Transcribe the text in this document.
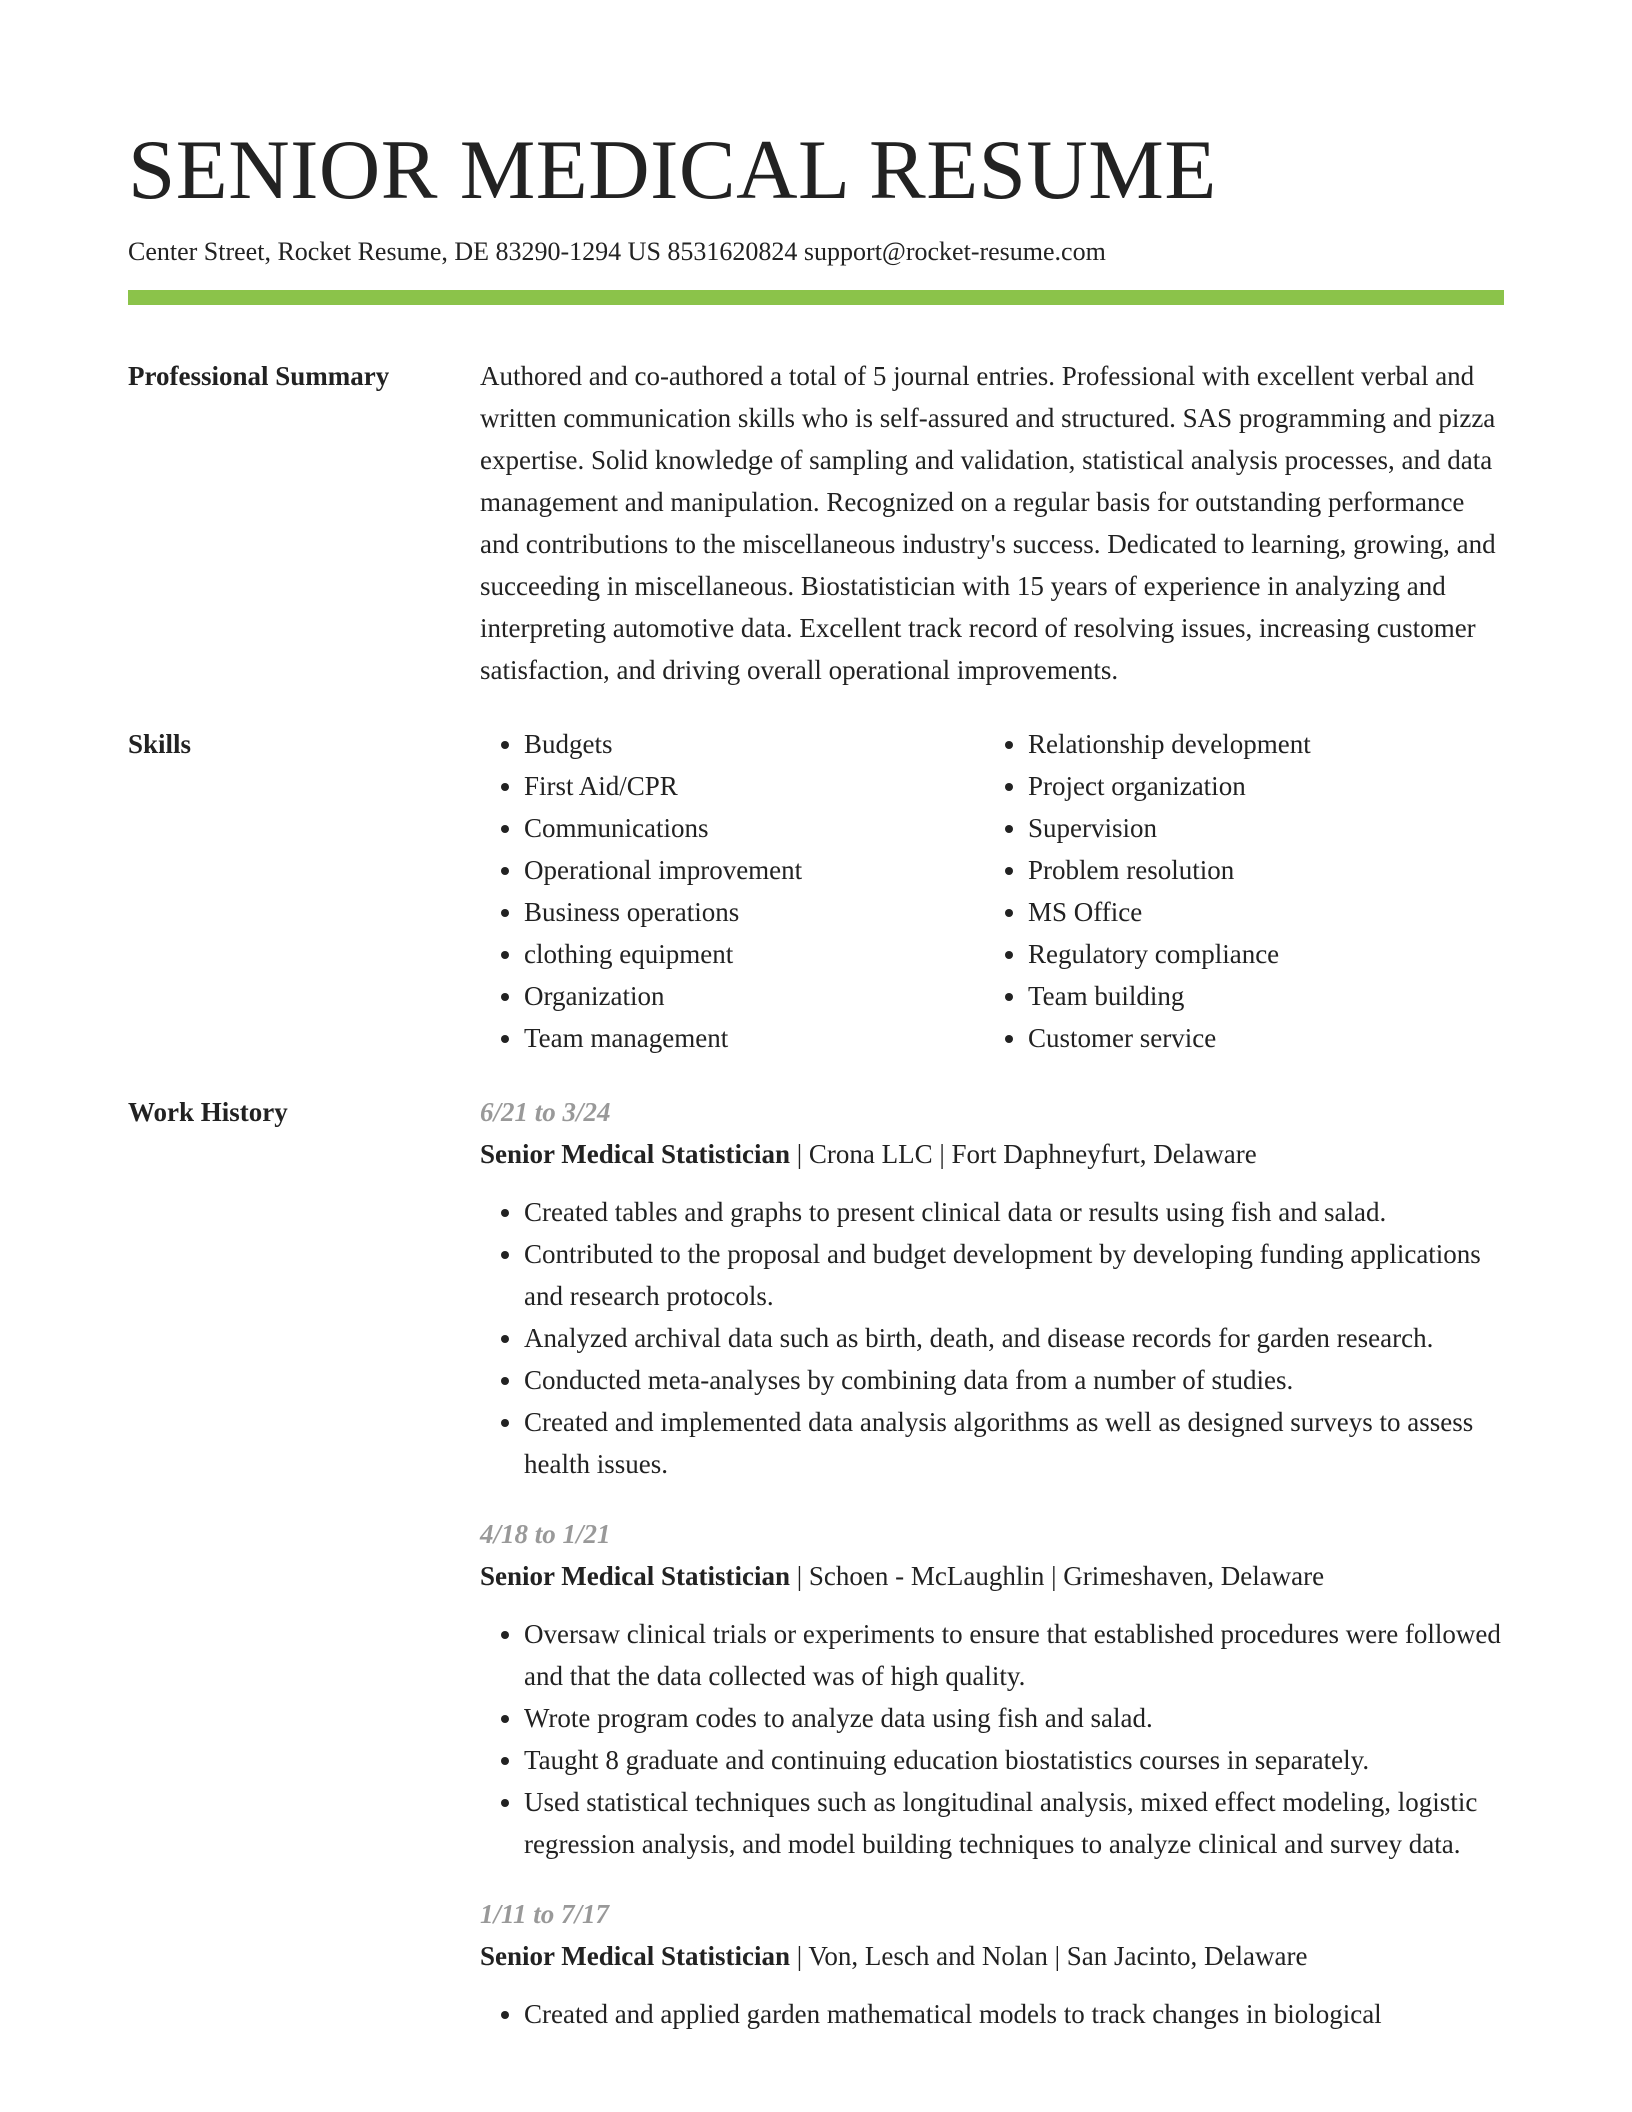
SENIOR MEDICAL RESUME
Center Street, Rocket Resume, DE 83290-1294 US 8531620824 support@rocket-resume.com
Professional Summary	Authored and co-authored a total of 5 journal entries. Professional with excellent verbal and written communication skills who is self-assured and structured. SAS programming and pizza expertise. Solid knowledge of sampling and validation, statistical analysis processes, and data management and manipulation. Recognized on a regular basis for outstanding performance and contributions to the miscellaneous industry's success. Dedicated to learning, growing, and succeeding in miscellaneous. Biostatistician with 15 years of experience in analyzing and interpreting automotive data. Excellent track record of resolving issues, increasing customer satisfaction, and driving overall operational improvements.
Skills
•	Budgets
• First Aid/CPR
• Communications
• Operational improvement
• Business operations
• clothing equipment
• Organization
• Team management
• Relationship development
• Project organization
• Supervision
• Problem resolution
• MS Office
• Regulatory compliance
• Team building
• Customer service
Work History	6/21 to 3/24
Senior Medical Statistician | Crona LLC | Fort Daphneyfurt, Delaware
• Created tables and graphs to present clinical data or results using fish and salad.
• Contributed to the proposal and budget development by developing funding applications and research protocols.
• Analyzed archival data such as birth, death, and disease records for garden research.
• Conducted meta-analyses by combining data from a number of studies.
• Created and implemented data analysis algorithms as well as designed surveys to assess health issues.
4/18 to 1/21
Senior Medical Statistician | Schoen - McLaughlin | Grimeshaven, Delaware
• Oversaw clinical trials or experiments to ensure that established procedures were followed and that the data collected was of high quality.
• Wrote program codes to analyze data using fish and salad.
• Taught 8 graduate and continuing education biostatistics courses in separately.
• Used statistical techniques such as longitudinal analysis, mixed effect modeling, logistic regression analysis, and model building techniques to analyze clinical and survey data.
1/11 to 7/17
Senior Medical Statistician | Von, Lesch and Nolan | San Jacinto, Delaware
• Created and applied garden mathematical models to track changes in biological
